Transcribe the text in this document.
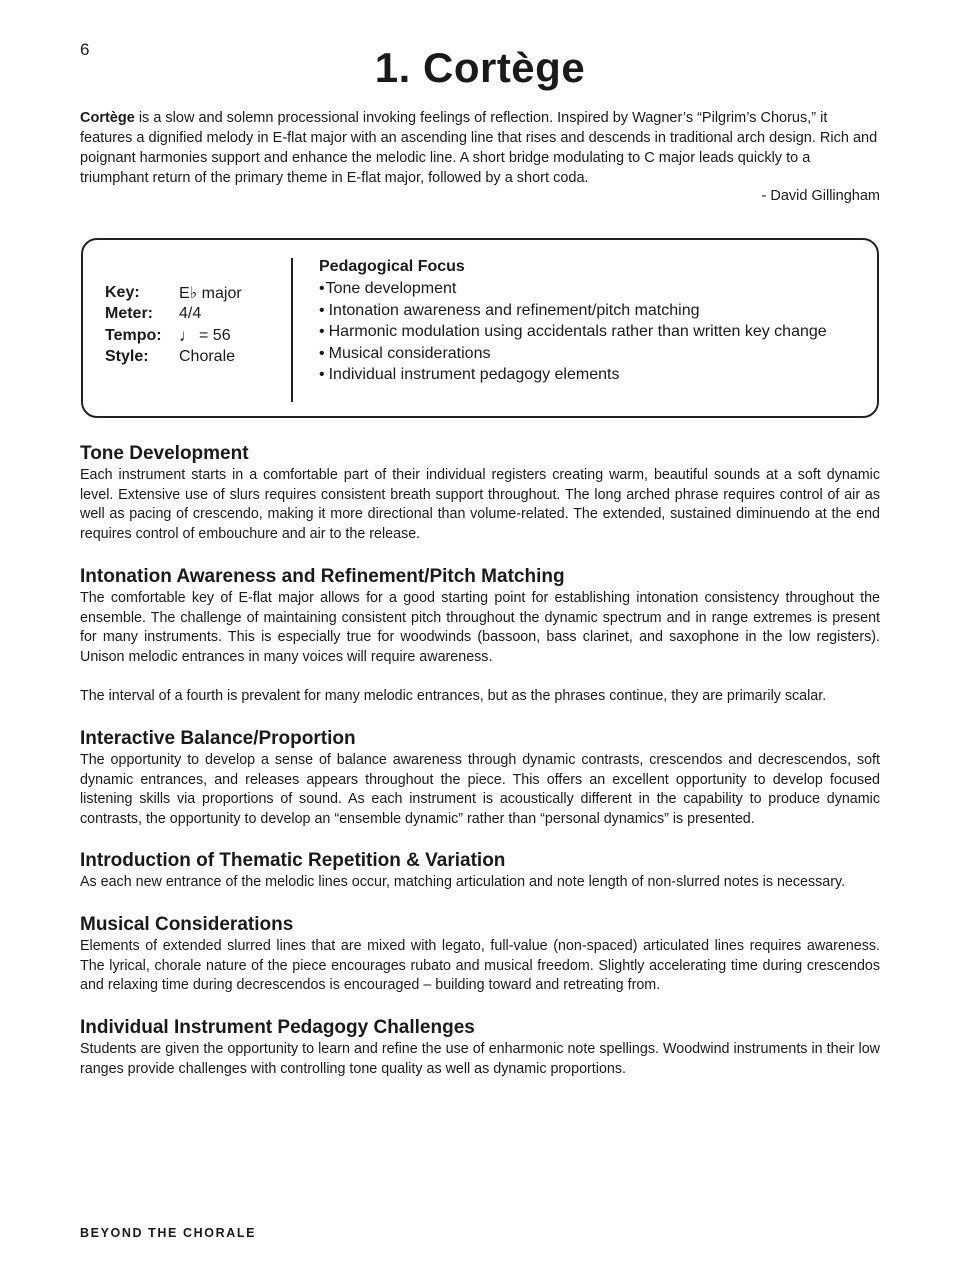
6	1. Cortège

Cortège is a slow and solemn processional invoking feelings of reflection. Inspired by Wagner’s “Pilgrim’s Chorus,” it features a dignified melody in E-flat major with an ascending line that rises and descends in traditional arch design. Rich and poignant harmonies support and enhance the melodic line. A short bridge modulating to C major leads quickly to a triumphant return of the primary theme in E-flat major, followed by a short coda.

- David Gillingham
Key:	E♭ major
Meter:	4/4
Tempo:	♩ = 56
Style:	Chorale
Pedagogical Focus
• Tone development
• Intonation awareness and refinement/pitch matching
• Harmonic modulation using accidentals rather than written key change
• Musical considerations
• Individual instrument pedagogy elements
Tone Development

Each instrument starts in a comfortable part of their individual registers creating warm, beautiful sounds at a soft dynamic level. Extensive use of slurs requires consistent breath support throughout. The long arched phrase requires control of air as well as pacing of crescendo, making it more directional than volume-related. The extended, sustained diminuendo at the end requires control of embouchure and air to the release.

Intonation Awareness and Refinement/Pitch Matching

The comfortable key of E-flat major allows for a good starting point for establishing intonation consistency throughout the ensemble. The challenge of maintaining consistent pitch throughout the dynamic spectrum and in range extremes is present for many instruments. This is especially true for woodwinds (bassoon, bass clarinet, and saxophone in the low registers). Unison melodic entrances in many voices will require awareness.

The interval of a fourth is prevalent for many melodic entrances, but as the phrases continue, they are primarily scalar.

Interactive Balance/Proportion

The opportunity to develop a sense of balance awareness through dynamic contrasts, crescendos and decrescendos, soft dynamic entrances, and releases appears throughout the piece. This offers an excellent opportunity to develop focused listening skills via proportions of sound. As each instrument is acoustically different in the capability to produce dynamic contrasts, the opportunity to develop an “ensemble dynamic” rather than “personal dynamics” is presented.

Introduction of Thematic Repetition & Variation

As each new entrance of the melodic lines occur, matching articulation and note length of non-slurred notes is necessary.

Musical Considerations

Elements of extended slurred lines that are mixed with legato, full-value (non-spaced) articulated lines requires awareness. The lyrical, chorale nature of the piece encourages rubato and musical freedom. Slightly accelerating time during crescendos and relaxing time during decrescendos is encouraged – building toward and retreating from.

Individual Instrument Pedagogy Challenges

Students are given the opportunity to learn and refine the use of enharmonic note spellings. Woodwind instruments in their low ranges provide challenges with controlling tone quality as well as dynamic proportions.

BEYOND THE CHORALE
